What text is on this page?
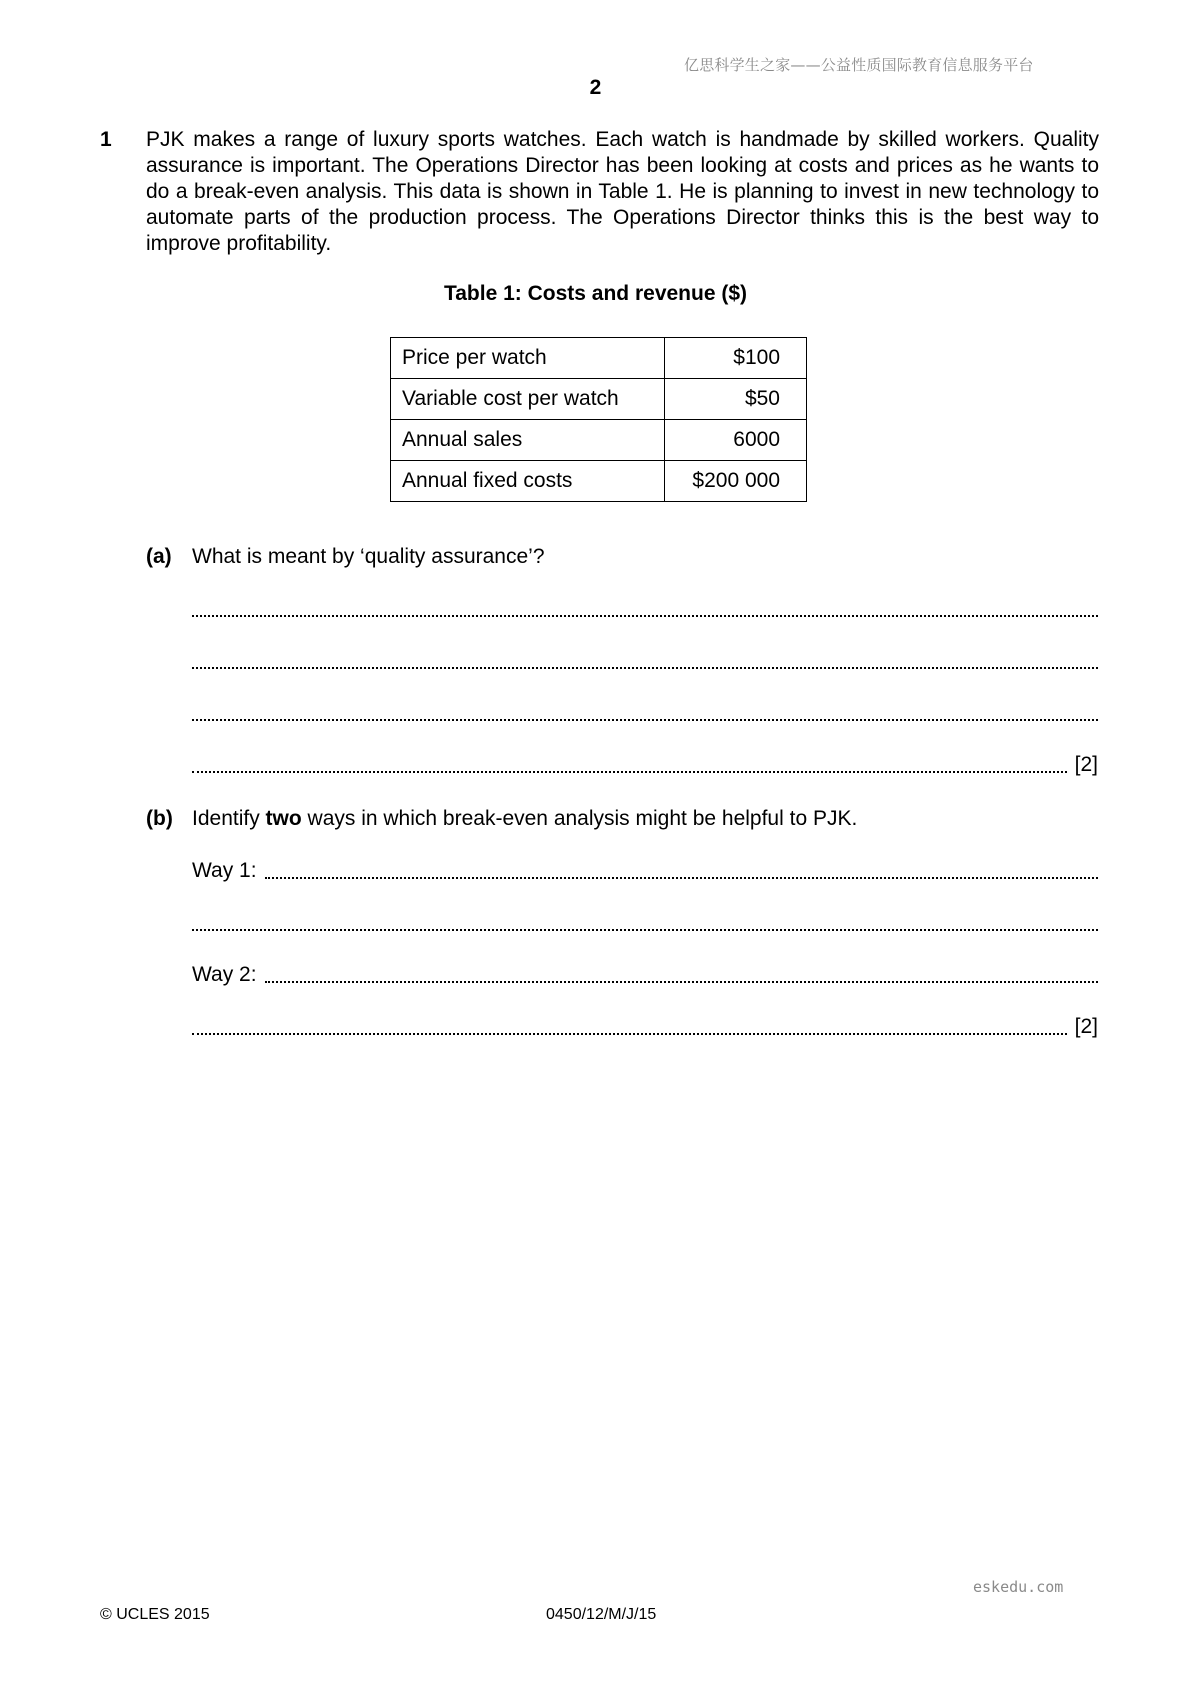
亿思科学生之家——公益性质国际教育信息服务平台
2
1 PJK makes a range of luxury sports watches. Each watch is handmade by skilled workers. Quality assurance is important. The Operations Director has been looking at costs and prices as he wants to do a break-even analysis. This data is shown in Table 1. He is planning to invest in new technology to automate parts of the production process. The Operations Director thinks this is the best way to improve profitability.
Table 1: Costs and revenue ($)
Price per watch	$100
Variable cost per watch	$50
Annual sales	6000
Annual fixed costs	$200 000
(a) What is meant by ‘quality assurance’?
[2]
(b) Identify two ways in which break-even analysis might be helpful to PJK.
Way 1:
Way 2:
[2]
eskedu.com
© UCLES 2015	0450/12/M/J/15
